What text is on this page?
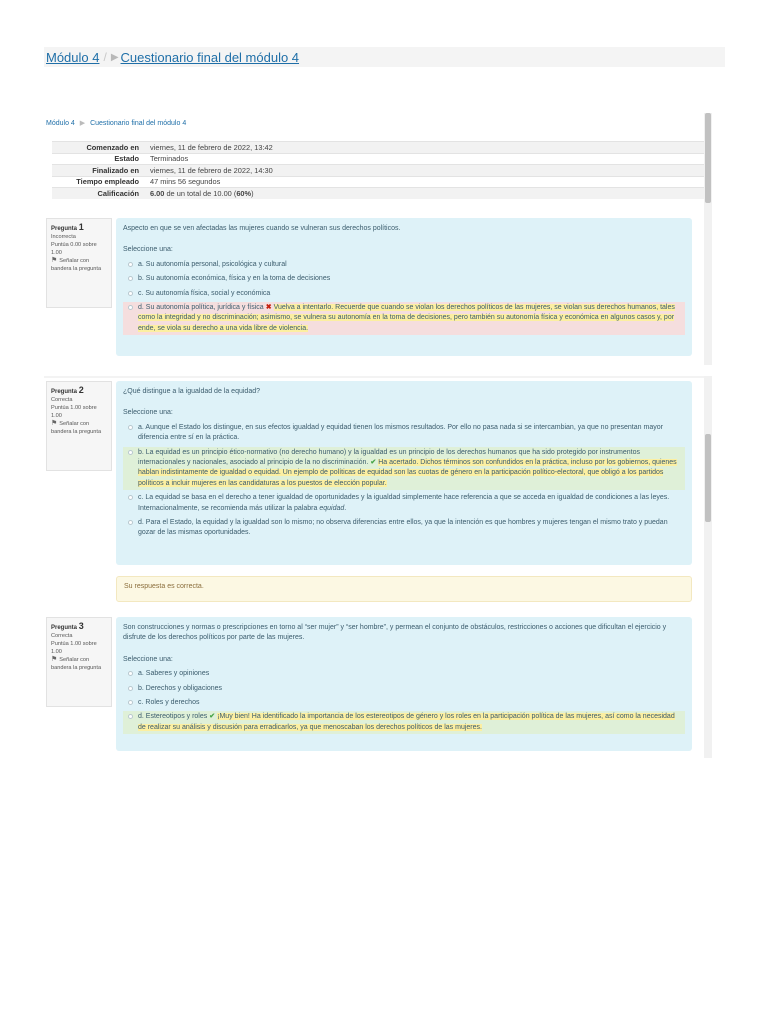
Módulo 4 / ▶ Cuestionario final del módulo 4
Módulo 4 ▶ Cuestionario final del módulo 4
Comenzado en	viernes, 11 de febrero de 2022, 13:42
Estado	Terminados
Finalizado en	viernes, 11 de febrero de 2022, 14:30
Tiempo empleado	47 mins 56 segundos
Calificación	6.00 de un total de 10.00 (60%)
Pregunta 1
Incorrecta
Puntúa 0.00 sobre 1.00
⚑ Señalar con bandera la pregunta
Aspecto en que se ven afectadas las mujeres cuando se vulneran sus derechos políticos.
Seleccione una:
a. Su autonomía personal, psicológica y cultural
b. Su autonomía económica, física y en la toma de decisiones
c. Su autonomía física, social y económica
d. Su autonomía política, jurídica y física ✖ Vuelva a intentarlo. Recuerde que cuando se violan los derechos políticos de las mujeres, se violan sus derechos humanos, tales como la integridad y no discriminación; asimismo, se vulnera su autonomía en la toma de decisiones, pero también su autonomía física y económica en algunos casos y, por ende, se viola su derecho a una vida libre de violencia.
Pregunta 2
Correcta
Puntúa 1.00 sobre 1.00
⚑ Señalar con bandera la pregunta
¿Qué distingue a la igualdad de la equidad?
Seleccione una:
a. Aunque el Estado los distingue, en sus efectos igualdad y equidad tienen los mismos resultados. Por ello no pasa nada si se intercambian, ya que no presentan mayor diferencia entre sí en la práctica.
b. La equidad es un principio ético-normativo (no derecho humano) y la igualdad es un principio de los derechos humanos que ha sido protegido por instrumentos internacionales y nacionales, asociado al principio de la no discriminación. ✔ Ha acertado. Dichos términos son confundidos en la práctica, incluso por los gobiernos, quienes hablan indistintamente de igualdad o equidad. Un ejemplo de políticas de equidad son las cuotas de género en la participación político-electoral, que obligó a los partidos políticos a incluir mujeres en las candidaturas a los puestos de elección popular.
c. La equidad se basa en el derecho a tener igualdad de oportunidades y la igualdad simplemente hace referencia a que se acceda en igualdad de condiciones a las leyes. Internacionalmente, se recomienda más utilizar la palabra equidad.
d. Para el Estado, la equidad y la igualdad son lo mismo; no observa diferencias entre ellos, ya que la intención es que hombres y mujeres tengan el mismo trato y puedan gozar de las mismas oportunidades.
Su respuesta es correcta.
Pregunta 3
Correcta
Puntúa 1.00 sobre 1.00
⚑ Señalar con bandera la pregunta
Son construcciones y normas o prescripciones en torno al “ser mujer” y “ser hombre”, y permean el conjunto de obstáculos, restricciones o acciones que dificultan el ejercicio y disfrute de los derechos políticos por parte de las mujeres.
Seleccione una:
a. Saberes y opiniones
b. Derechos y obligaciones
c. Roles y derechos
d. Estereotipos y roles ✔ ¡Muy bien! Ha identificado la importancia de los estereotipos de género y los roles en la participación política de las mujeres, así como la necesidad de realizar su análisis y discusión para erradicarlos, ya que menoscaban los derechos políticos de las mujeres.
